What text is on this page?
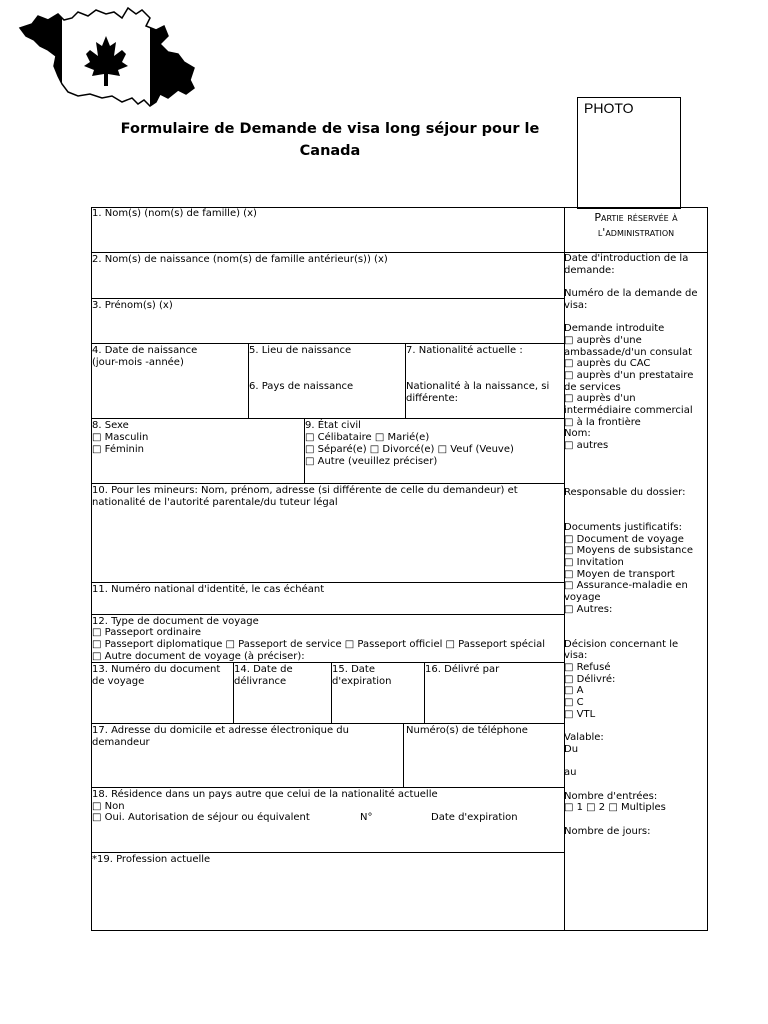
Formulaire de Demande de visa long séjour pour le
Canada
PHOTO
Partie réservée à
l'administration
Date d'introduction de la
demande:
Numéro de la demande de
visa:
Demande introduite
□ auprès d'une
ambassade/d'un consulat
□ auprès du CAC
□ auprès d'un prestataire
de services
□ auprès d'un
intermédiaire commercial
□ à la frontière
Nom:
□ autres
Responsable du dossier:
Documents justificatifs:
□ Document de voyage
□ Moyens de subsistance
□ Invitation
□ Moyen de transport
□ Assurance-maladie en
voyage
□ Autres:
Décision concernant le
visa:
□ Refusé
□ Délivré:
□ A
□ C
□ VTL
Valable:
Du
au
Nombre d'entrées:
□ 1 □ 2 □ Multiples
Nombre de jours:
1. Nom(s) (nom(s) de famille) (x)
2. Nom(s) de naissance (nom(s) de famille antérieur(s)) (x)
3. Prénom(s) (x)
4. Date de naissance
(jour-mois -année)
5. Lieu de naissance
6. Pays de naissance
7. Nationalité actuelle :
Nationalité à la naissance, si
différente:
8. Sexe
□ Masculin
□ Féminin
9. État civil
□ Célibataire □ Marié(e)
□ Séparé(e) □ Divorcé(e) □ Veuf (Veuve)
□ Autre (veuillez préciser)
10. Pour les mineurs: Nom, prénom, adresse (si différente de celle du demandeur) et
nationalité de l'autorité parentale/du tuteur légal
11. Numéro national d'identité, le cas échéant
12. Type de document de voyage
□ Passeport ordinaire
□ Passeport diplomatique □ Passeport de service □ Passeport officiel □ Passeport spécial
□ Autre document de voyage (à préciser):
13. Numéro du document
de voyage
14. Date de
délivrance
15. Date
d'expiration
16. Délivré par
17. Adresse du domicile et adresse électronique du
demandeur
Numéro(s) de téléphone
18. Résidence dans un pays autre que celui de la nationalité actuelle
□ Non
□ Oui. Autorisation de séjour ou équivalent	N°	Date d'expiration
*19. Profession actuelle
